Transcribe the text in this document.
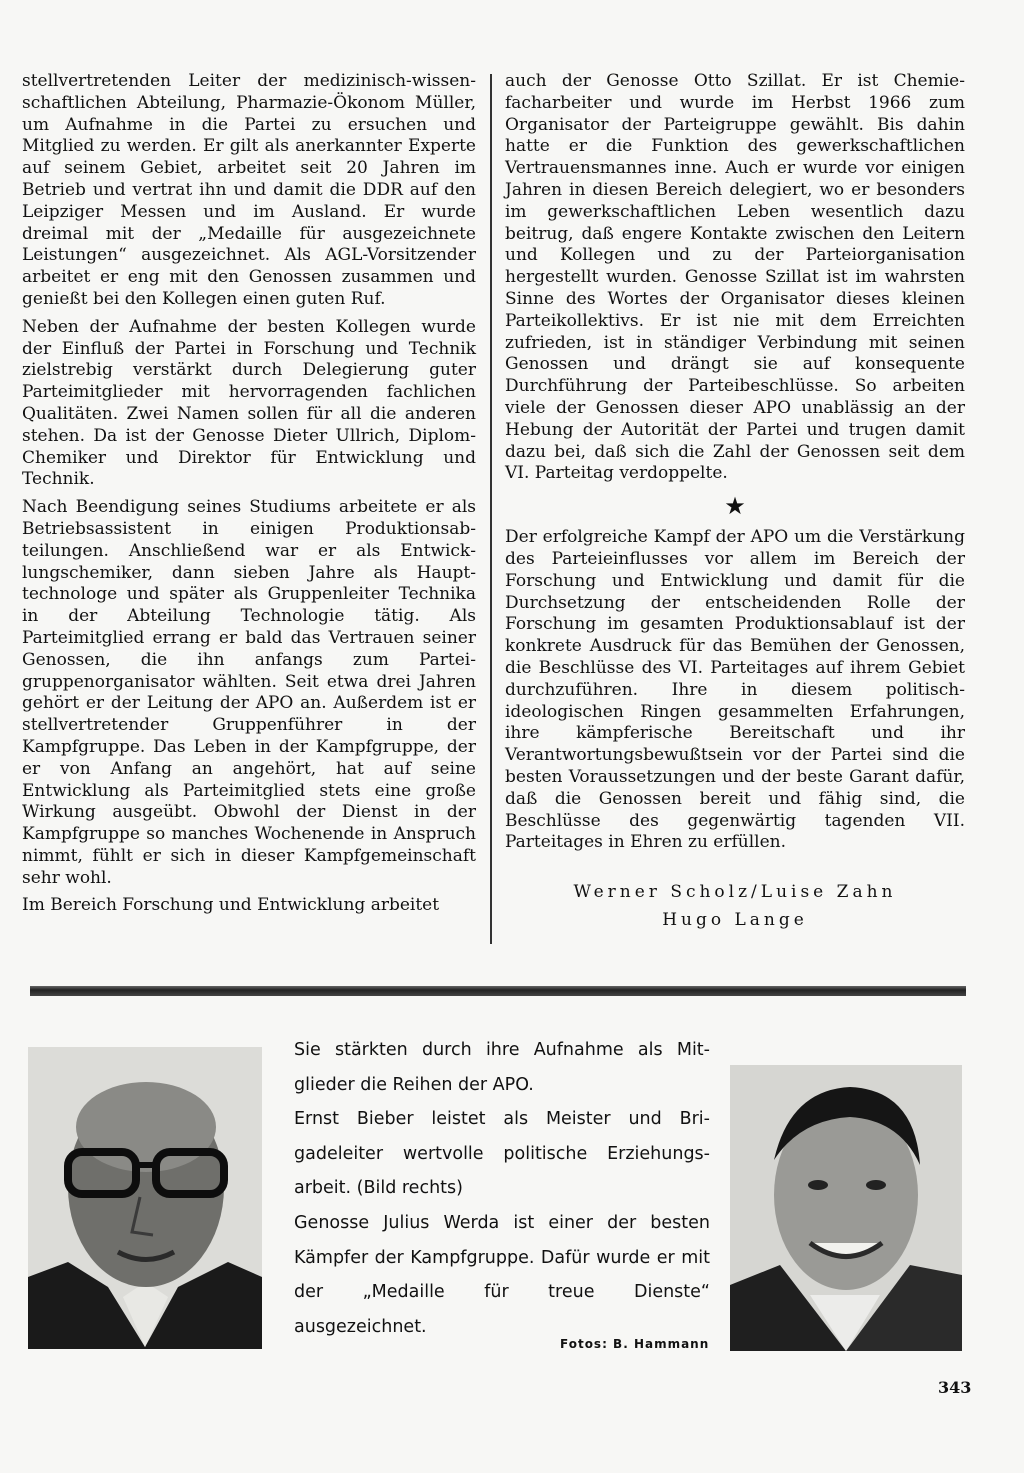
stellvertretenden Leiter der medizinisch-wissenschaftlichen Abteilung, Pharmazie-Ökonom Müller, um Aufnahme in die Partei zu ersuchen und Mitglied zu werden. Er gilt als anerkannter Experte auf seinem Gebiet, arbeitet seit 20 Jahren im Betrieb und vertrat ihn und damit die DDR auf den Leipziger Messen und im Ausland. Er wurde dreimal mit der „Medaille für ausgezeichnete Leistungen“ ausgezeichnet. Als AGL-Vorsitzender arbeitet er eng mit den Genossen zusammen und genießt bei den Kollegen einen guten Ruf.

Neben der Aufnahme der besten Kollegen wurde der Einfluß der Partei in Forschung und Technik zielstrebig verstärkt durch Delegierung guter Parteimitglieder mit hervorragenden fachlichen Qualitäten. Zwei Namen sollen für all die anderen stehen. Da ist der Genosse Dieter Ullrich, Diplom-Chemiker und Direktor für Entwicklung und Technik.

Nach Beendigung seines Studiums arbeitete er als Betriebsassistent in einigen Produktionsabteilungen. Anschließend war er als Entwicklungschemiker, dann sieben Jahre als Haupttechnologe und später als Gruppenleiter Technika in der Abteilung Technologie tätig. Als Parteimitglied errang er bald das Vertrauen seiner Genossen, die ihn anfangs zum Parteigruppenorganisator wählten. Seit etwa drei Jahren gehört er der Leitung der APO an. Außerdem ist er stellvertretender Gruppenführer in der Kampfgruppe. Das Leben in der Kampfgruppe, der er von Anfang an angehört, hat auf seine Entwicklung als Parteimitglied stets eine große Wirkung ausgeübt. Obwohl der Dienst in der Kampfgruppe so manches Wochenende in Anspruch nimmt, fühlt er sich in dieser Kampfgemeinschaft sehr wohl.

Im Bereich Forschung und Entwicklung arbeitet

auch der Genosse Otto Szillat. Er ist Chemiefacharbeiter und wurde im Herbst 1966 zum Organisator der Parteigruppe gewählt. Bis dahin hatte er die Funktion des gewerkschaftlichen Vertrauensmannes inne. Auch er wurde vor einigen Jahren in diesen Bereich delegiert, wo er besonders im gewerkschaftlichen Leben wesentlich dazu beitrug, daß engere Kontakte zwischen den Leitern und Kollegen und zu der Parteiorganisation hergestellt wurden. Genosse Szillat ist im wahrsten Sinne des Wortes der Organisator dieses kleinen Parteikollektivs. Er ist nie mit dem Erreichten zufrieden, ist in ständiger Verbindung mit seinen Genossen und drängt sie auf konsequente Durchführung der Parteibeschlüsse. So arbeiten viele der Genossen dieser APO unablässig an der Hebung der Autorität der Partei und trugen damit dazu bei, daß sich die Zahl der Genossen seit dem VI. Parteitag verdoppelte.

★

Der erfolgreiche Kampf der APO um die Verstärkung des Parteieinflusses vor allem im Bereich der Forschung und Entwicklung und damit für die Durchsetzung der entscheidenden Rolle der Forschung im gesamten Produktionsablauf ist der konkrete Ausdruck für das Bemühen der Genossen, die Beschlüsse des VI. Parteitages auf ihrem Gebiet durchzuführen. Ihre in diesem politisch-ideologischen Ringen gesammelten Erfahrungen, ihre kämpferische Bereitschaft und ihr Verantwortungsbewußtsein vor der Partei sind die besten Voraussetzungen und der beste Garant dafür, daß die Genossen bereit und fähig sind, die Beschlüsse des gegenwärtig tagenden VII. Parteitages in Ehren zu erfüllen.

Werner Scholz/Luise Zahn
Hugo Lange

Sie stärkten durch ihre Aufnahme als Mitglieder die Reihen der APO.

Ernst Bieber leistet als Meister und Brigadeleiter wertvolle politische Erziehungsarbeit. (Bild rechts)

Genosse Julius Werda ist einer der besten Kämpfer der Kampfgruppe. Dafür wurde er mit der „Medaille für treue Dienste“ ausgezeichnet.

Fotos: B. Hammann
343
